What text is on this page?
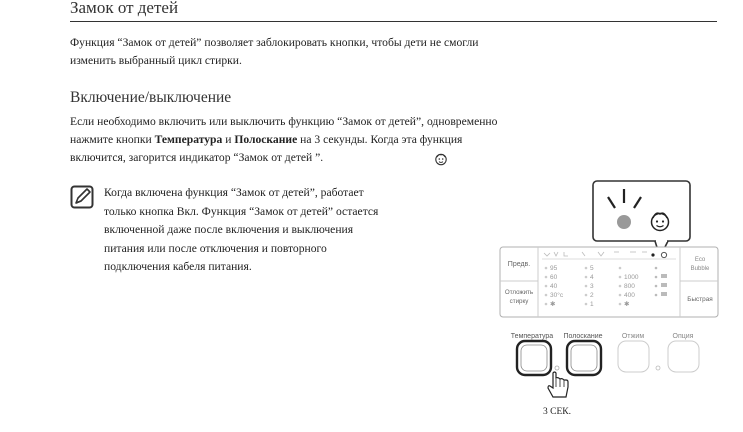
Замок от детей
Функция “Замок от детей” позволяет заблокировать кнопки, чтобы дети не смогли
изменить выбранный цикл стирки.
Включение/выключение
Если необходимо включить или выключить функцию “Замок от детей”, одновременно
нажмите кнопки Температура и Полоскание на 3 секунды. Когда эта функция
включится, загорится индикатор “Замок от детей ”.
Когда включена функция “Замок от детей”, работает
только кнопка Вкл. Функция “Замок от детей” остается
включенной даже после включения и выключения
питания или после отключения и повторного
подключения кабеля питания.	Предв.
Отложить
стирку
Eco
Bubble
Быстрая
95
60
40
30°c
✱
5
4
3
2
1
1000
800
400
✱
Температура Полоскание	Отжим	Опция
3 СЕК.
